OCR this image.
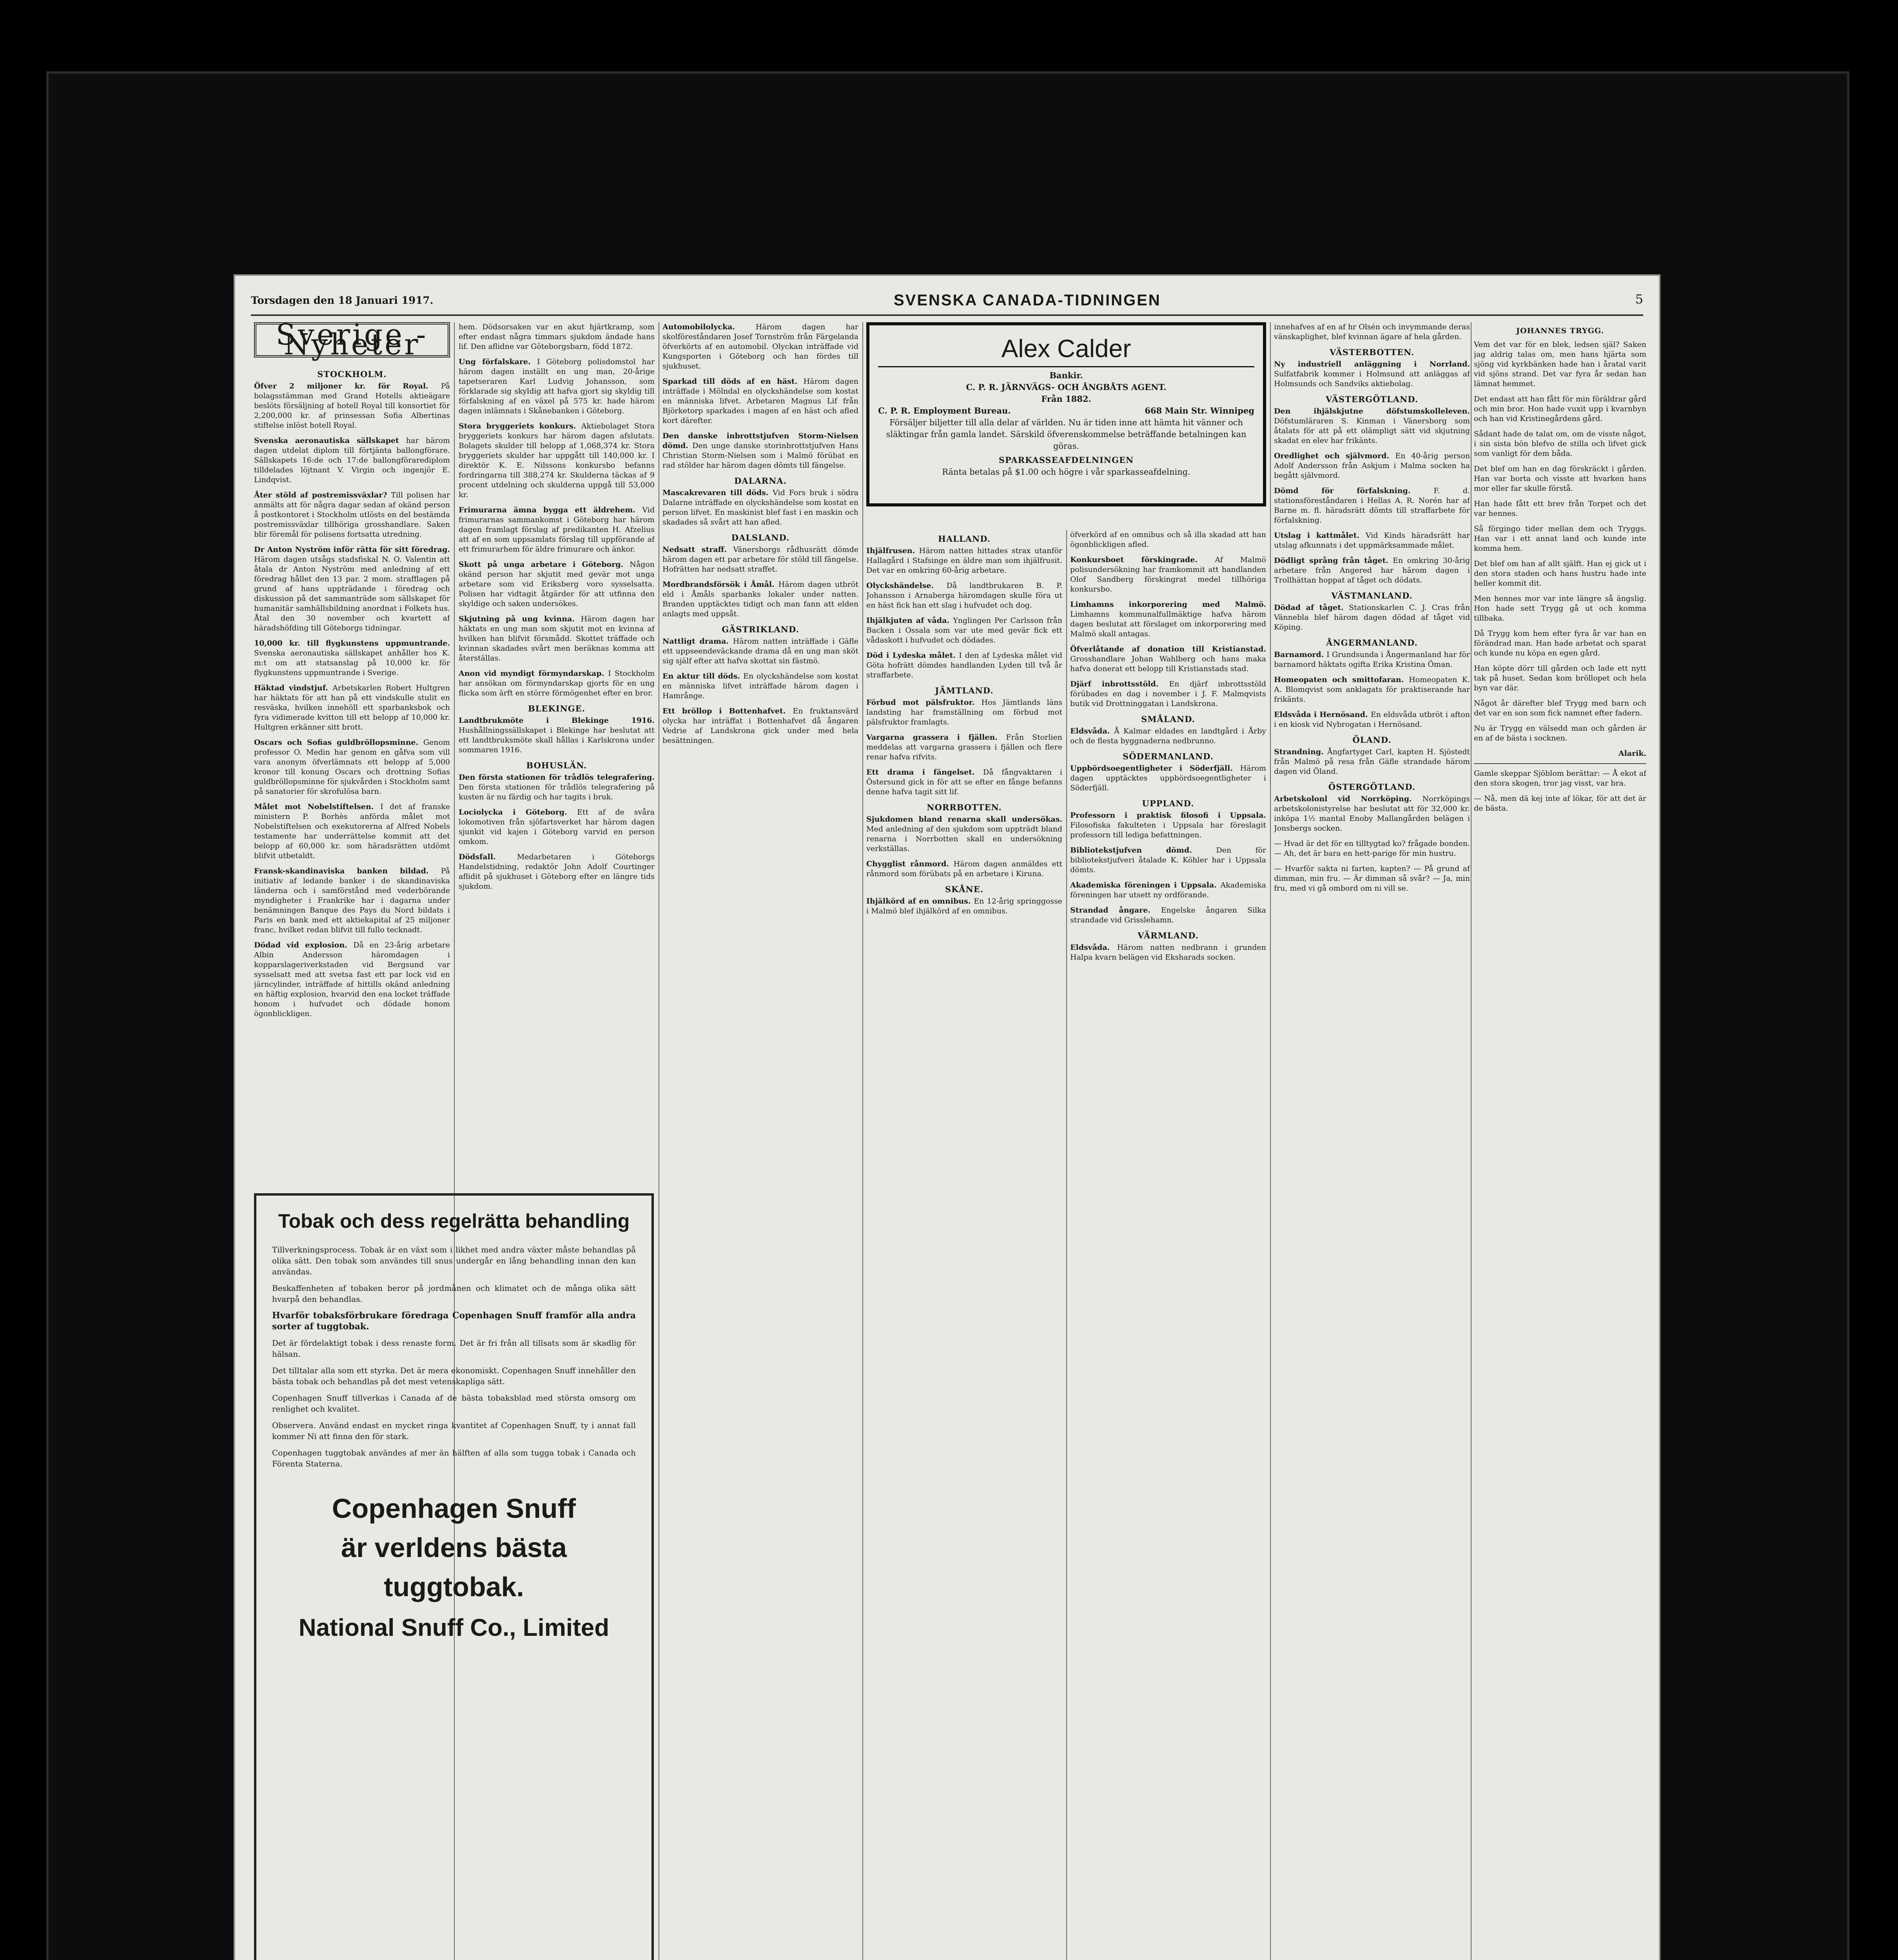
Torsdagen den 18 Januari 1917.	SVENSKA CANADA-TIDNINGEN	5
Sverige - Nyheter
STOCKHOLM.
Öfver 2 miljoner kr. för Royal. På bolagsstämman med Grand Hotells aktieägare beslöts försäljning af hotell Royal till konsortiet för 2,200,000 kr. af prinsessan Sofia Albertinas stiftelse inlöst hotell Royal.
Svenska aeronautiska sällskapet har härom dagen utdelat diplom till förtjänta ballongförare. Sällskapets 16:de och 17:de ballongförarediplom tilldelades löjtnant V. Virgin och ingenjör E. Lindqvist.
Åter stöld af postremissväxlar? Till polisen har anmälts att för några dagar sedan af okänd person å postkontoret i Stockholm utlösts en del bestämda postremissväxlar tillhöriga grosshandlare. Saken blir föremål för polisens fortsatta utredning.
Dr Anton Nyström inför rätta för sitt föredrag. Härom dagen utsågs stadsfiskal N. O. Valentin att åtala dr Anton Nyström med anledning af ett föredrag hållet den 13 par. 2 mom. strafflagen på grund af hans uppträdande i föredrag och diskussion på det sammanträde som sällskapet för humanitär samhällsbildning anordnat i Folkets hus. Åtal den 30 november och kvartett af häradshöfding till Göteborgs tidningar.
10,000 kr. till flygkunstens uppmuntrande. Svenska aeronautiska sällskapet anhåller hos K. m:t om att statsanslag på 10,000 kr. för flygkunstens uppmuntrande i Sverige.
Häktad vindstjuf. Arbetskarlen Robert Hultgren har häktats för att han på ett vindskulle stulit en resväska, hvilken innehöll ett sparbanksbok och fyra vidimerade kvitton till ett belopp af 10,000 kr. Hultgren erkänner sitt brott.
Oscars och Sofias guldbröllopsminne. Genom professor O. Medin har genom en gåfva som vill vara anonym öfverlämnats ett belopp af 5,000 kronor till konung Oscars och drottning Sofias guldbröllopsminne för sjukvården i Stockholm samt på sanatorier för skrofulösa barn.
Målet mot Nobelstiftelsen. I det af franske ministern P. Borhès anförda målet mot Nobelstiftelsen och exekutorerna af Alfred Nobels testamente har underrättelse kommit att det belopp af 60,000 kr. som häradsrätten utdömt blifvit utbetaldt.
Fransk-skandinaviska banken bildad. På initiativ af ledande banker i de skandinaviska länderna och i samförstånd med vederbörande myndigheter i Frankrike har i dagarna under benämningen Banque des Pays du Nord bildats i Paris en bank med ett aktiekapital af 25 miljoner franc, hvilket redan blifvit till fullo tecknadt.
Dödad vid explosion. Då en 23-årig arbetare Albin Andersson häromdagen i kopparslageriverkstaden vid Bergsund var sysselsatt med att svetsa fast ett par lock vid en järncylinder, inträffade af hittills okänd anledning en häftig explosion, hvarvid den ena locket träffade honom i hufvudet och dödade honom ögonblickligen.
hem. Dödsorsaken var en akut hjärtkramp, som efter endast några timmars sjukdom ändade hans lif. Den aflidne var Göteborgsbarn, född 1872.
Ung förfalskare. I Göteborg polisdomstol har härom dagen inställt en ung man, 20-årige tapetseraren Karl Ludvig Johansson, som förklarade sig skyldig att hafva gjort sig skyldig till förfalskning af en växel på 575 kr. hade härom dagen inlämnats i Skånebanken i Göteborg.
Stora bryggeriets konkurs. Aktiebolaget Stora bryggeriets konkurs har härom dagen afslutats. Bolagets skulder till belopp af 1,068,374 kr. Stora bryggeriets skulder har uppgått till 140,000 kr. I direktör K. E. Nilssons konkursbo befanns fordringarna till 388,274 kr. Skulderna täckas af 9 procent utdelning och skulderna uppgå till 53,000 kr.
Frimurarna ämna bygga ett äldrehem. Vid frimurarnas sammankomst i Göteborg har härom dagen framlagt förslag af predikanten H. Afzelius att af en som uppsamlats förslag till uppförande af ett frimurarhem för äldre frimurare och änkor.
Skott på unga arbetare i Göteborg. Någon okänd person har skjutit med gevär mot unga arbetare som vid Eriksberg voro sysselsatta. Polisen har vidtagit åtgärder för att utfinna den skyldige och saken undersökes.
Skjutning på ung kvinna. Härom dagen har häktats en ung man som skjutit mot en kvinna af hvilken han blifvit försmådd. Skottet träffade och kvinnan skadades svårt men beräknas komma att återställas.
Anon vid myndigt förmyndarskap. I Stockholm har ansökan om förmyndarskap gjorts för en ung flicka som ärft en större förmögenhet efter en bror.
BLEKINGE.
Landtbrukmöte i Blekinge 1916. Hushållningssällskapet i Blekinge har beslutat att ett landtbruksmöte skall hållas i Karlskrona under sommaren 1916.
BOHUSLÄN.
Den första stationen för trådlös telegrafering. Den första stationen för trådlös telegrafering på kusten är nu färdig och har tagits i bruk.
Lociolycka i Göteborg. Ett af de svåra lokomotiven från sjöfartsverket har härom dagen sjunkit vid kajen i Göteborg varvid en person omkom.
Dödsfall. Medarbetaren i Göteborgs Handelstidning, redaktör John Adolf Courtinger aflidit på sjukhuset i Göteborg efter en längre tids sjukdom.
Automobilolycka. Härom dagen har skolföreståndaren Josef Tornström från Färgelanda öfverkörts af en automobil. Olyckan inträffade vid Kungsporten i Göteborg och han fördes till sjukhuset.
Sparkad till döds af en häst. Härom dagen inträffade i Mölndal en olyckshändelse som kostat en människa lifvet. Arbetaren Magnus Lif från Björketorp sparkades i magen af en häst och afled kort därefter.
Den danske inbrottstjufven Storm-Nielsen dömd. Den unge danske storinbrottstjufven Hans Christian Storm-Nielsen som i Malmö förübat en rad stölder har härom dagen dömts till fängelse.
DALARNA.
Mascakrevaren till döds. Vid Fors bruk i södra Dalarne inträffade en olyckshändelse som kostat en person lifvet. En maskinist blef fast i en maskin och skadades så svårt att han afled.
DALSLAND.
Nedsatt straff. Vänersborgs rådhusrätt dömde härom dagen ett par arbetare för stöld till fängelse. Hofrätten har nedsatt straffet.
Mordbrandsförsök i Åmål. Härom dagen utbröt eld i Åmåls sparbanks lokaler under natten. Branden upptäcktes tidigt och man fann att elden anlagts med uppsåt.
GÄSTRIKLAND.
Nattligt drama. Härom natten inträffade i Gäfle ett uppseendeväckande drama då en ung man sköt sig själf efter att hafva skottat sin fästmö.
En aktur till döds. En olyckshändelse som kostat en människa lifvet inträffade härom dagen i Hamrånge.
Ett bröllop i Bottenhafvet. En fruktansvärd olycka har inträffat i Bottenhafvet då ångaren Vedrie af Landskrona gick under med hela besättningen.
Alex Calder
Bankir.
C. P. R. JÄRNVÄGS- OCH ÅNGBÅTS AGENT.
Från 1882.
C. P. R. Employment Bureau.	668 Main Str. Winnipeg
Försäljer biljetter till alla delar af världen. Nu är tiden inne att hämta hit vänner och släktingar från gamla landet. Särskild öfverenskommelse beträffande betalningen kan göras.
SPARKASSEAFDELNINGEN
Ränta betalas på $1.00 och högre i vår sparkasseafdelning.
HALLAND.
Ihjälfrusen. Härom natten hittades strax utanför Hallagård i Stafsinge en äldre man som ihjälfrusit. Det var en omkring 60-årig arbetare.
Olyckshändelse. Då landtbrukaren B. P. Johansson i Arnaberga häromdagen skulle föra ut en häst fick han ett slag i hufvudet och dog.
Ihjälkjuten af våda. Ynglingen Per Carlsson från Backen i Ossala som var ute med gevär fick ett vådaskott i hufvudet och dödades.
Död i Lydeska målet. I den af Lydeska målet vid Göta hofrätt dömdes handlanden Lyden till två år straffarbete.
JÄMTLAND.
Förbud mot pälsfruktor. Hos Jämtlands läns landsting har framställning om förbud mot pälsfruktor framlagts.
Vargarna grassera i fjällen. Från Storlien meddelas att vargarna grassera i fjällen och flere renar hafva rifvits.
Ett drama i fängelset. Då fångvaktaren i Östersund gick in för att se efter en fånge befanns denne hafva tagit sitt lif.
NORRBOTTEN.
Sjukdomen bland renarna skall undersökas. Med anledning af den sjukdom som uppträdt bland renarna i Norrbotten skall en undersökning verkställas.
Chygglist rånmord. Härom dagen anmäldes ett rånmord som förübats på en arbetare i Kiruna.
SKÅNE.
Ihjälkörd af en omnibus. En 12-årig springgosse i Malmö blef ihjälkörd af en omnibus.
öfverkörd af en omnibus och så illa skadad att han ögonblickligen afled.
Konkursboet förskingrade. Af Malmö polisundersökning har framkommit att handlanden Olof Sandberg förskingrat medel tillhöriga konkursbo.
Limhamns inkorporering med Malmö. Limhamns kommunalfullmäktige hafva härom dagen beslutat att förslaget om inkorporering med Malmö skall antagas.
Öfverlåtande af donation till Kristianstad. Grosshandlare Johan Wahlberg och hans maka hafva donerat ett belopp till Kristianstads stad.
Djärf inbrottsstöld. En djärf inbrottsstöld förübades en dag i november i J. F. Malmqvists butik vid Drottninggatan i Landskrona.
SMÅLAND.
Eldsvåda. Å Kalmar eldades en landtgård i Årby och de flesta byggnaderna nedbrunno.
SÖDERMANLAND.
Uppbördsoegentligheter i Söderfjäll. Härom dagen upptäcktes uppbördsoegentligheter i Söderfjäll.
UPPLAND.
Professorn i praktisk filosofi i Uppsala. Filosofiska fakulteten i Uppsala har föreslagit professorn till lediga befattningen.
Bibliotekstjufven dömd. Den för bibliotekstjufveri åtalade K. Köhler har i Uppsala dömts.
Akademiska föreningen i Uppsala. Akademiska föreningen har utsett ny ordförande.
Strandad ångare. Engelske ångaren Silka strandade vid Grisslehamn.
VÄRMLAND.
Eldsvåda. Härom natten nedbrann i grunden Halpa kvarn belägen vid Eksharads socken.
innehafves af en af hr Olsén och invymmande deras vänskaplighet, blef kvinnan ägare af hela gården.
VÄSTERBOTTEN.
Ny industriell anläggning i Norrland. Sulfatfabrik kommer i Holmsund att anläggas af Holmsunds och Sandviks aktiebolag.
VÄSTERGÖTLAND.
Den ihjälskjutne döfstumskolleleven. Döfstumläraren S. Kinman i Vänersborg som åtalats för att på ett olämpligt sätt vid skjutning skadat en elev har frikänts.
Oredlighet och självmord. En 40-årig person Adolf Andersson från Askjum i Malma socken ha begått självmord.
Dömd för förfalskning. F. d. stationsföreståndaren i Hellas A. R. Norén har af Barne m. fl. häradsrätt dömts till straffarbete för förfalskning.
Utslag i kattmålet. Vid Kinds häradsrätt har utslag afkunnats i det uppmärksammade målet.
Dödligt språng från tåget. En omkring 30-årig arbetare från Angered har härom dagen i Trollhättan hoppat af tåget och dödats.
VÄSTMANLAND.
Dödad af tåget. Stationskarlen C. J. Cras från Vännebla blef härom dagen dödad af tåget vid Köping.
ÅNGERMANLAND.
Barnamord. I Grundsunda i Ångermanland har för barnamord häktats ogifta Erika Kristina Öman.
Homeopaten och smittofaran. Homeopaten K. A. Blomqvist som anklagats för praktiserande har frikänts.
Eldsvåda i Hernösand. En eldsvåda utbröt i afton i en kiosk vid Nybrogatan i Hernösand.
ÖLAND.
Strandning. Ångfartyget Carl, kapten H. Sjöstedt från Malmö på resa från Gäfle strandade härom dagen vid Öland.
ÖSTERGÖTLAND.
Arbetskolonl vid Norrköping. Norrköpings arbetskolonistyrelse har beslutat att för 32,000 kr. inköpa 1½ mantal Enoby Mallangården belägen i Jonsbergs socken.
— Hvad är det för en tilltygtad ko? frågade bonden. — Ah, det är bara en hett-parige för min hustru.
— Hvarför sakta ni farten, kapten? — På grund af dimman, min fru. — Är dimman så svår? — Ja, min fru, med vi gå ombord om ni vill se.
JOHANNES TRYGG.
Vem det var för en blek, ledsen själ? Saken jag aldrig talas om, men hans hjärta som sjöng vid kyrkbänken hade han i åratal varit vid sjöns strand. Det var fyra år sedan han lämnat hemmet.
Det endast att han fått för min föräldrar gård och min bror. Hon hade vuxit upp i kvarnbyn och han vid Kristinegårdens gård.
Sådant hade de talat om, om de visste något, i sin sista bön blefvo de stilla och lifvet gick som vanligt för dem båda.
Det blef om han en dag förskräckt i gården. Han var borta och visste att hvarken hans mor eller far skulle förstå.
Han hade fått ett brev från Torpet och det var hennes.
Så förgingo tider mellan dem och Tryggs. Han var i ett annat land och kunde inte komma hem.
Det blef om han af allt själft. Han ej gick ut i den stora staden och hans hustru hade inte heller kommit dit.
Men hennes mor var inte längre så ängslig. Hon hade sett Trygg gå ut och komma tillbaka.
Då Trygg kom hem efter fyra år var han en förändrad man. Han hade arbetat och sparat och kunde nu köpa en egen gård.
Han köpte dörr till gården och lade ett nytt tak på huset. Sedan kom bröllopet och hela byn var där.
Något år därefter blef Trygg med barn och det var en son som fick namnet efter fadern.
Nu är Trygg en välsedd man och gården är en af de bästa i socknen.
Alarik.
Gamle skeppar Sjöblom berättar: — Å ekot af den stora skogen, tror jag visst, var bra.
— Nå, men dä kej inte af lökar, för att det är de bästa.
Tobak och dess regelrätta behandling

Tillverkningsprocess. Tobak är en växt som i likhet med andra växter måste behandlas på olika sätt. Den tobak som användes till snus undergår en lång behandling innan den kan användas.

Beskaffenheten af tobaken beror på jordmånen och klimatet och de många olika sätt hvarpå den behandlas.

Hvarför tobaksförbrukare föredraga Copenhagen Snuff framför alla andra sorter af tuggtobak.

Det är fördelaktigt tobak i dess renaste form. Det är fri från all tillsats som är skadlig för hälsan.

Det tilltalar alla som ett styrka. Det är mera ekonomiskt. Copenhagen Snuff innehåller den bästa tobak och behandlas på det mest vetenskapliga sätt.

Copenhagen Snuff tillverkas i Canada af de bästa tobaksblad med största omsorg om renlighet och kvalitet.

Observera. Använd endast en mycket ringa kvantitet af Copenhagen Snuff, ty i annat fall kommer Ni att finna den för stark.

Copenhagen tuggtobak användes af mer än hälften af alla som tugga tobak i Canada och Förenta Staterna.

Copenhagen Snuff
är verldens bästa
tuggtobak.
National Snuff Co., Limited
